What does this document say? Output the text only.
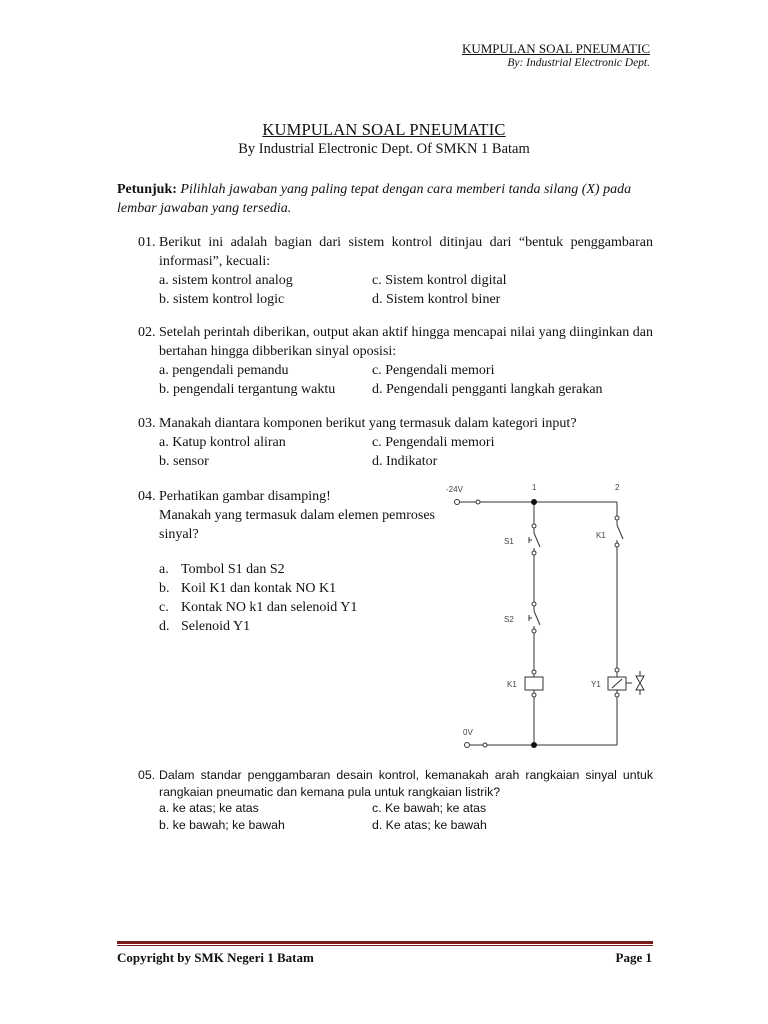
KUMPULAN SOAL PNEUMATIC
By: Industrial Electronic Dept.
KUMPULAN SOAL PNEUMATIC
By Industrial Electronic Dept. Of SMKN 1 Batam
Petunjuk: Pilihlah jawaban yang paling tepat dengan cara memberi tanda silang (X) pada lembar jawaban yang tersedia.
01. Berikut ini adalah bagian dari sistem kontrol ditinjau dari “bentuk penggambaran informasi”, kecuali:
a. sistem kontrol analog	c. Sistem kontrol digital
b. sistem kontrol logic	d. Sistem kontrol biner
02. Setelah perintah diberikan, output akan aktif hingga mencapai nilai yang diinginkan dan bertahan hingga dibberikan sinyal oposisi:
a. pengendali pemandu	c. Pengendali memori
b. pengendali tergantung waktu	d. Pengendali pengganti langkah gerakan
03. Manakah diantara komponen berikut yang termasuk dalam kategori input?
a. Katup kontrol aliran	c. Pengendali memori
b. sensor	d. Indikator
04. Perhatikan gambar disamping!
Manakah yang termasuk dalam elemen pemroses sinyal?
a. Tombol S1 dan S2
b. Koil K1 dan kontak NO K1
c. Kontak NO k1 dan selenoid Y1
d. Selenoid Y1
-24V	1	2
S1
S2
K1
K1	Y1
0V
05. Dalam standar penggambaran desain kontrol, kemanakah arah rangkaian sinyal untuk rangkaian pneumatic dan kemana pula untuk rangkaian listrik?
a. ke atas; ke atas	c. Ke bawah; ke atas
b. ke bawah; ke bawah	d. Ke atas; ke bawah
Copyright by SMK Negeri 1 Batam	Page 1
